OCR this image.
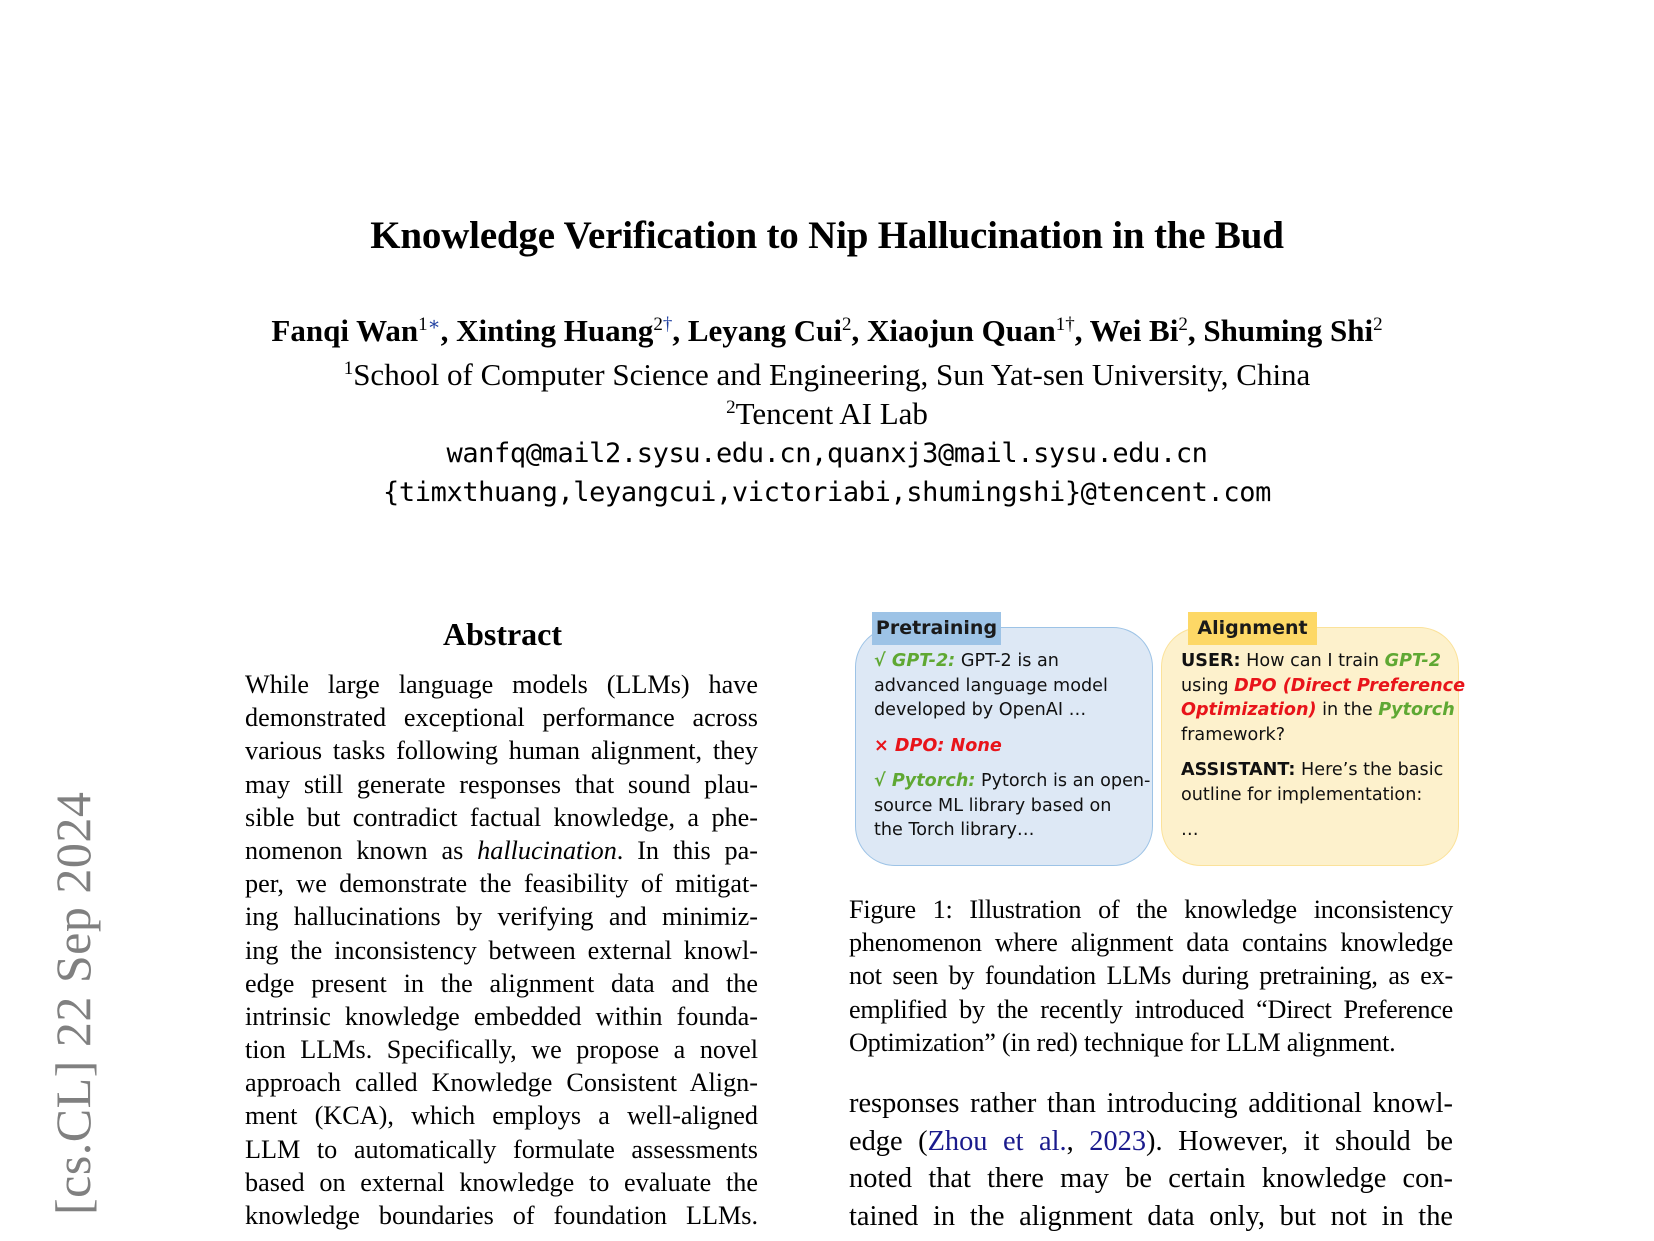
Knowledge Verification to Nip Hallucination in the Bud
Fanqi Wan$^{1∗}$, Xinting Huang$^{2\dagger}$, Leyang Cui$^2$, Xiaojun Quan$^{1\dagger}$, Wei Bi$^2$, Shuming Shi$^2$
$^1$School of Computer Science and Engineering, Sun Yat-sen University, China
$^2$Tencent AI Lab
wanfq@mail2.sysu.edu.cn,quanxj3@mail.sysu.edu.cn
{timxthuang,leyangcui,victoriabi,shumingshi}@tencent.com
[cs.CL] 22 Sep 2024
Abstract
While large language models (LLMs) have
demonstrated exceptional performance across
various tasks following human alignment, they
may still generate responses that sound plau-
sible but contradict factual knowledge, a phe-
nomenon known as hallucination. In this pa-
per, we demonstrate the feasibility of mitigat-
ing hallucinations by verifying and minimiz-
ing the inconsistency between external knowl-
edge present in the alignment data and the
intrinsic knowledge embedded within founda-
tion LLMs. Specifically, we propose a novel
approach called Knowledge Consistent Align-
ment (KCA), which employs a well-aligned
LLM to automatically formulate assessments
based on external knowledge to evaluate the
knowledge boundaries of foundation LLMs.
Pretraining	Alignment
√ GPT-2: GPT-2 is an
advanced language model
developed by OpenAI …
× DPO: None
√ Pytorch: Pytorch is an open-
source ML library based on
the Torch library…
USER: How can I train GPT-2
using DPO (Direct Preference
Optimization) in the Pytorch
framework?
ASSISTANT: Here’s the basic
outline for implementation:
…
Figure 1: Illustration of the knowledge inconsistency
phenomenon where alignment data contains knowledge
not seen by foundation LLMs during pretraining, as ex-
emplified by the recently introduced “Direct Preference
Optimization” (in red) technique for LLM alignment.
responses rather than introducing additional knowl-
edge (Zhou et al., 2023). However, it should be
noted that there may be certain knowledge con-
tained in the alignment data only, but not in the
